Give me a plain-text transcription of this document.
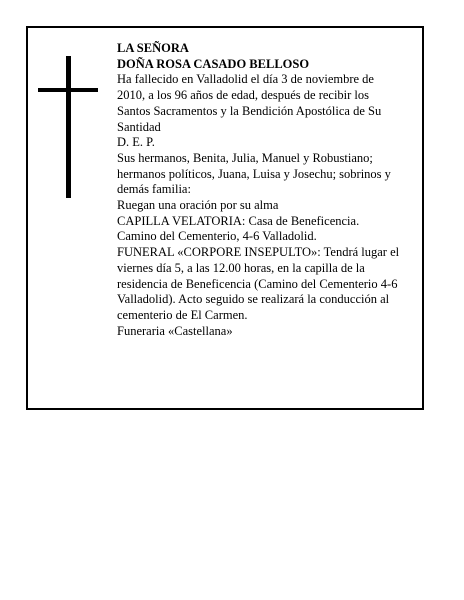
LA SEÑORA
DOÑA ROSA CASADO BELLOSO
Ha fallecido en Valladolid el día 3 de noviembre de
2010, a los 96 años de edad, después de recibir los
Santos Sacramentos y la Bendición Apostólica de Su
Santidad
D. E. P.
Sus hermanos, Benita, Julia, Manuel y Robustiano;
hermanos políticos, Juana, Luisa y Josechu; sobrinos y
demás familia:
Ruegan una oración por su alma
CAPILLA VELATORIA: Casa de Beneficencia.
Camino del Cementerio, 4-6 Valladolid.
FUNERAL «CORPORE INSEPULTO»: Tendrá lugar el
viernes día 5, a las 12.00 horas, en la capilla de la
residencia de Beneficencia (Camino del Cementerio 4-6
Valladolid). Acto seguido se realizará la conducción al
cementerio de El Carmen.
Funeraria «Castellana»
